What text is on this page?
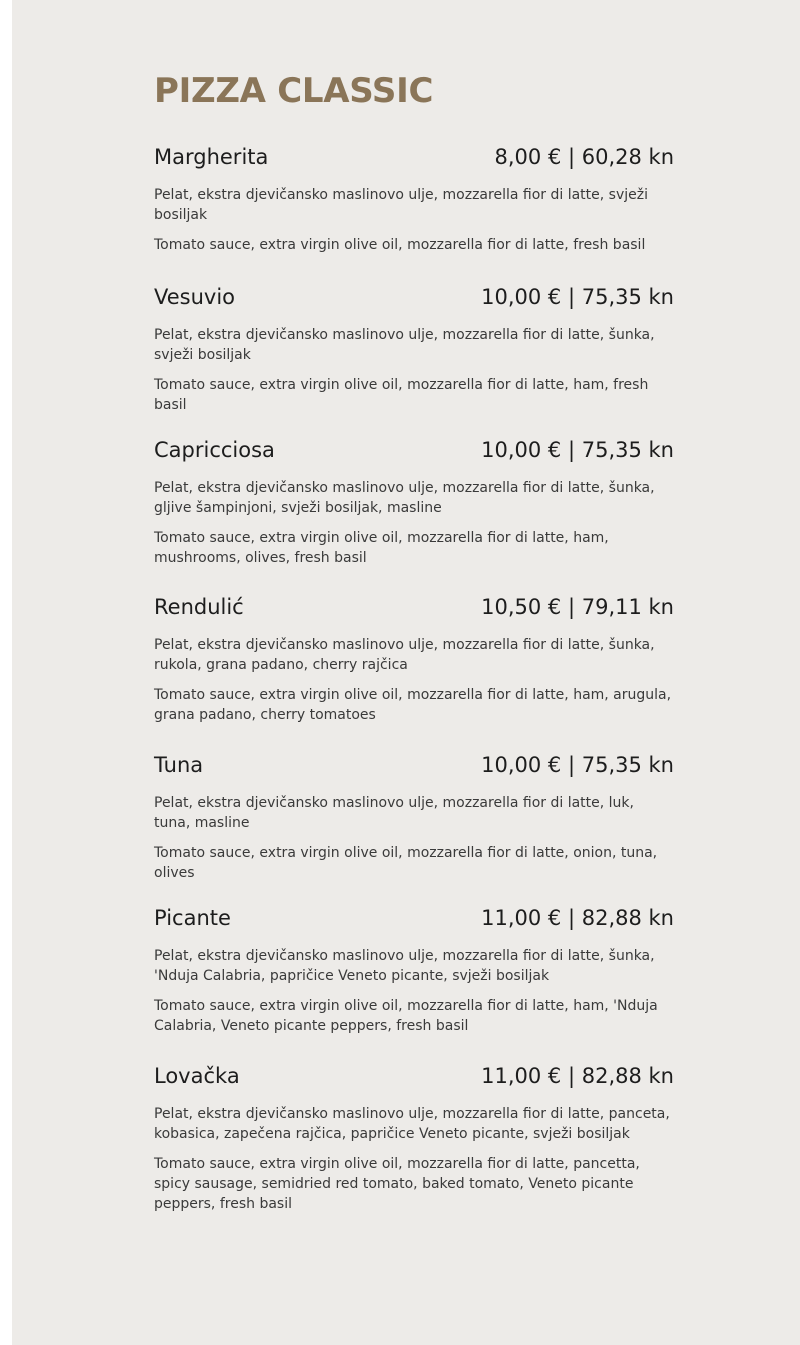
PIZZA CLASSIC
Margherita	8,00 € | 60,28 kn

Pelat, ekstra djevičansko maslinovo ulje, mozzarella fior di latte, svježi bosiljak

Tomato sauce, extra virgin olive oil, mozzarella fior di latte, fresh basil

Vesuvio	10,00 € | 75,35 kn

Pelat, ekstra djevičansko maslinovo ulje, mozzarella fior di latte, šunka, svježi bosiljak

Tomato sauce, extra virgin olive oil, mozzarella fior di latte, ham, fresh basil

Capricciosa	10,00 € | 75,35 kn

Pelat, ekstra djevičansko maslinovo ulje, mozzarella fior di latte, šunka, gljive šampinjoni, svježi bosiljak, masline

Tomato sauce, extra virgin olive oil, mozzarella fior di latte, ham, mushrooms, olives, fresh basil

Rendulić	10,50 € | 79,11 kn

Pelat, ekstra djevičansko maslinovo ulje, mozzarella fior di latte, šunka, rukola, grana padano, cherry rajčica

Tomato sauce, extra virgin olive oil, mozzarella fior di latte, ham, arugula, grana padano, cherry tomatoes

Tuna	10,00 € | 75,35 kn

Pelat, ekstra djevičansko maslinovo ulje, mozzarella fior di latte, luk, tuna, masline

Tomato sauce, extra virgin olive oil, mozzarella fior di latte, onion, tuna, olives

Picante	11,00 € | 82,88 kn

Pelat, ekstra djevičansko maslinovo ulje, mozzarella fior di latte, šunka, 'Nduja Calabria, papričice Veneto picante, svježi bosiljak

Tomato sauce, extra virgin olive oil, mozzarella fior di latte, ham, 'Nduja Calabria, Veneto picante peppers, fresh basil

Lovačka	11,00 € | 82,88 kn

Pelat, ekstra djevičansko maslinovo ulje, mozzarella fior di latte, panceta, kobasica, zapečena rajčica, papričice Veneto picante, svježi bosiljak

Tomato sauce, extra virgin olive oil, mozzarella fior di latte, pancetta, spicy sausage, semidried red tomato, baked tomato, Veneto picante peppers, fresh basil
